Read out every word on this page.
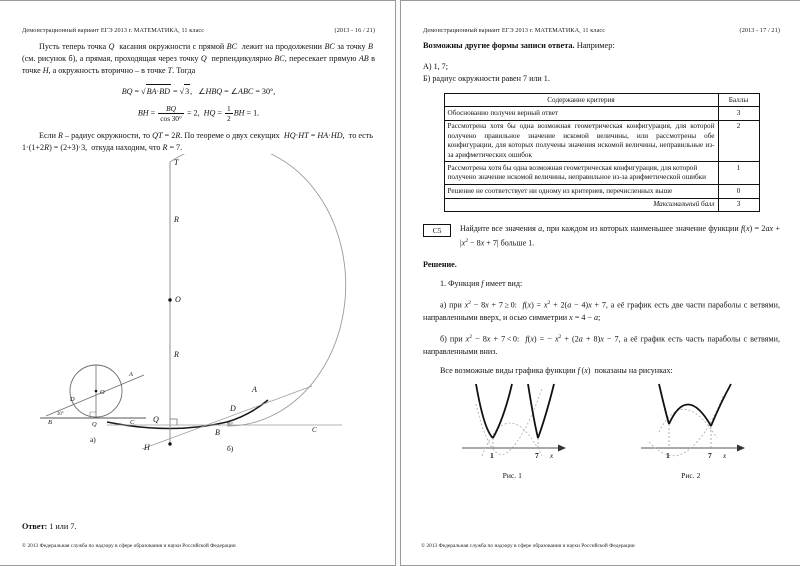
Демонстрационный вариант ЕГЭ 2013 г. МАТЕМАТИКА, 11 класс	(2013 - 16 / 21)

Пусть теперь точка Q  касания окружности с прямой BC  лежит на продолжении BC за точку B  (см. рисунок б), а прямая, проходящая через точку Q  перпендикулярно BC, пересекает прямую AB в точке H, а окружность вторично – в точке T. Тогда

BQ = √BA·BD = √3,   ∠HBQ = ∠ABC = 30°,
BH = $\frac{BQ}{\cos 30^\circ} = 2$,  HQ = $\frac{1}{2}$ BH = 1.

Если R – радиус окружности, то QT = 2R. По теореме о двух секущих  HQ·HT = HA·HD,  то есть  1·(1+2R) = (2+3)·3,  откуда находим, что R = 7.

T
R
O
R
Q
D
A
B	C
H
90°
б)
A
B	C
D
O
Q
30°
а)
Ответ: 1 или 7.
© 2013 Федеральная служба по надзору в сфере образования и науки Российской Федерации
Демонстрационный вариант ЕГЭ 2013 г. МАТЕМАТИКА, 11 класс	(2013 - 17 / 21)

Возможны другие формы записи ответа. Например:

А) 1, 7;
Б) радиус окружности равен 7 или 1.
Содержание критерия	Баллы
Обоснованно получен верный ответ	3
Рассмотрена хотя бы одна возможная геометрическая конфигурация, для которой получено правильное значение искомой величины, или рассмотрены обе конфигурации, для которых получены значения искомой величины, неправильные из-за арифметических ошибок	2
Рассмотрена хотя бы одна возможная геометрическая конфигурация, для которой получено значение искомой величины, неправильное из-за арифметической ошибки	1
Решение не соответствует ни одному из критериев, перечисленных выше	0
Максимальный балл	3
C5	Найдите все значения a, при каждом из которых наименьшее значение функции $f(x) = 2ax + |x^2 - 8x + 7|$ больше 1.

Решение.

1. Функция f имеет вид:

а) при $x^2 - 8x + 7 \ge 0$:  $f(x) = x^2 + 2(a - 4)x + 7$, а её график есть две части параболы с ветвями, направленными вверх, и осью симметрии x = 4 − a;

б) при $x^2 - 8x + 7 < 0$:  f(x) = − $x^2 + (2a + 8)x - 7$, а её график есть часть параболы с ветвями, направленными вниз.

Все возможные виды графика функции f (x)  показаны на рисунках:

1	7 x
Рис. 1
1	7 x
Рис. 2
© 2013 Федеральная служба по надзору в сфере образования и науки Российской Федерации
